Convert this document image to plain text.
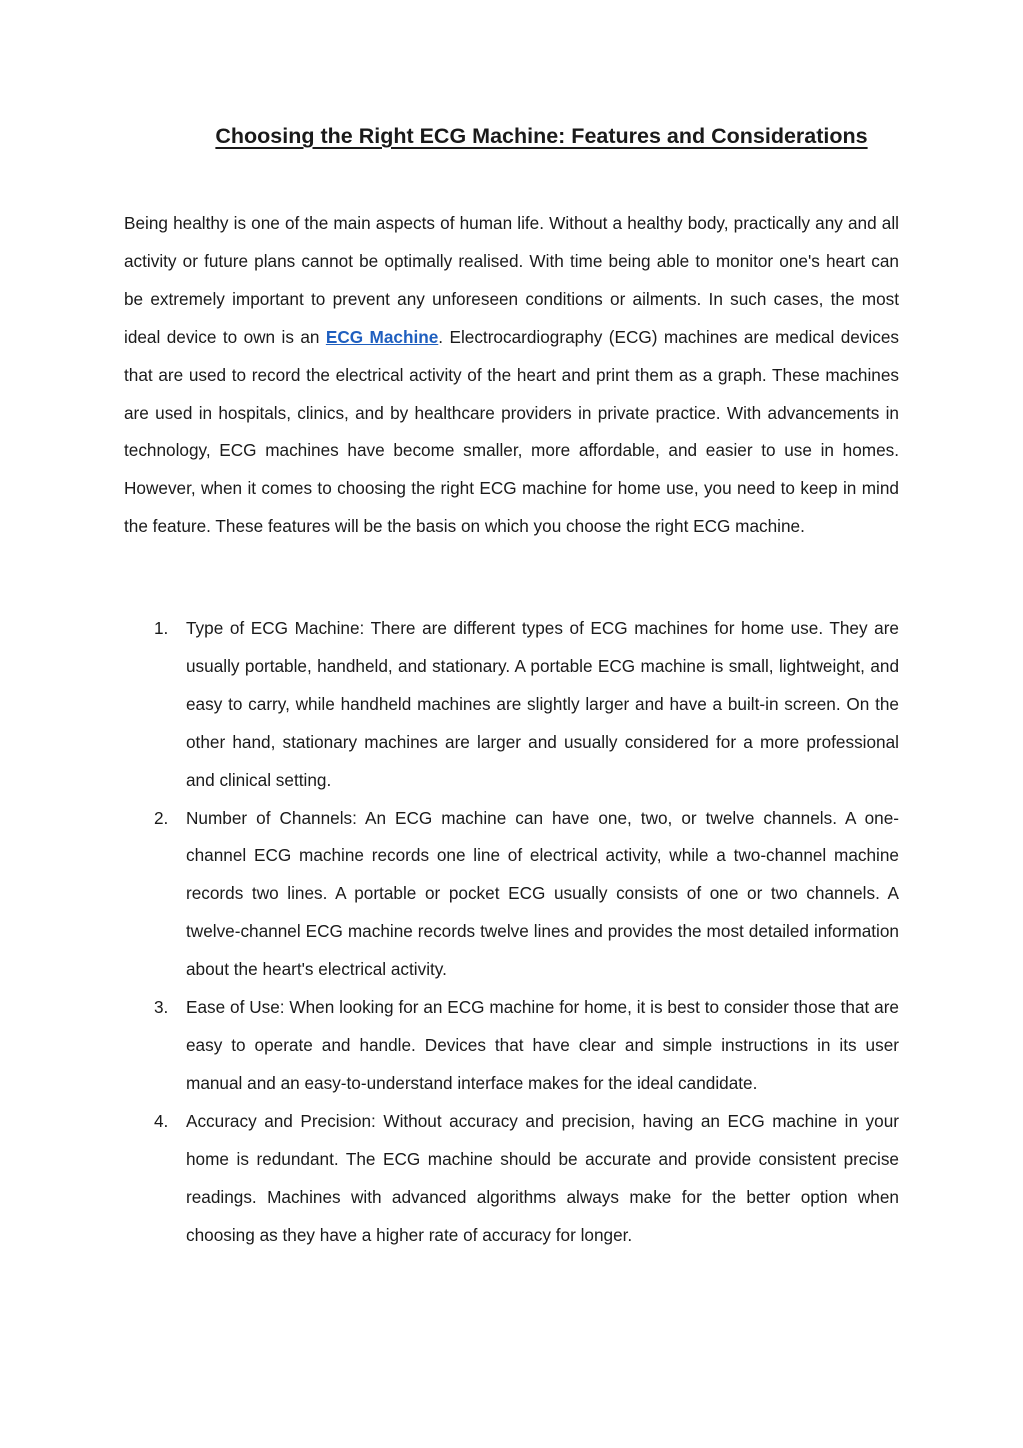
Choosing the Right ECG Machine: Features and Considerations

Being healthy is one of the main aspects of human life. Without a healthy body, practically any and all activity or future plans cannot be optimally realised. With time being able to monitor one's heart can be extremely important to prevent any unforeseen conditions or ailments. In such cases, the most ideal device to own is an ECG Machine. Electrocardiography (ECG) machines are medical devices that are used to record the electrical activity of the heart and print them as a graph. These machines are used in hospitals, clinics, and by healthcare providers in private practice. With advancements in technology, ECG machines have become smaller, more affordable, and easier to use in homes. However, when it comes to choosing the right ECG machine for home use, you need to keep in mind the feature. These features will be the basis on which you choose the right ECG machine.

1. Type of ECG Machine: There are different types of ECG machines for home use. They are usually portable, handheld, and stationary. A portable ECG machine is small, lightweight, and easy to carry, while handheld machines are slightly larger and have a built-in screen. On the other hand, stationary machines are larger and usually considered for a more professional and clinical setting.
2. Number of Channels: An ECG machine can have one, two, or twelve channels. A one-channel ECG machine records one line of electrical activity, while a two-channel machine records two lines. A portable or pocket ECG usually consists of one or two channels. A twelve-channel ECG machine records twelve lines and provides the most detailed information about the heart's electrical activity.
3. Ease of Use: When looking for an ECG machine for home, it is best to consider those that are easy to operate and handle. Devices that have clear and simple instructions in its user manual and an easy-to-understand interface makes for the ideal candidate.
4. Accuracy and Precision: Without accuracy and precision, having an ECG machine in your home is redundant. The ECG machine should be accurate and provide consistent precise readings. Machines with advanced algorithms always make for the better option when choosing as they have a higher rate of accuracy for longer.
